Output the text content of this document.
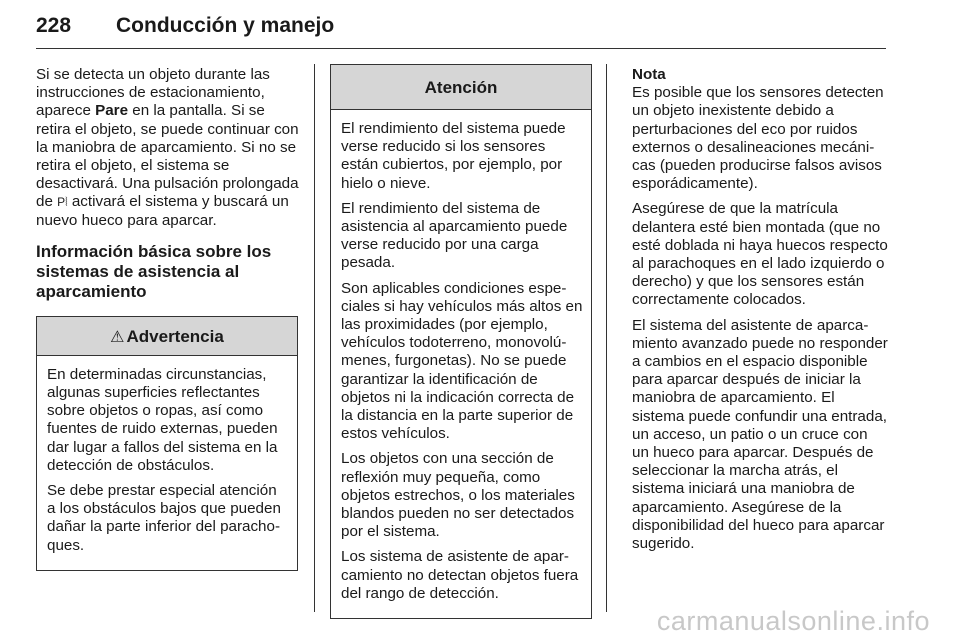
228 Conducción y manejo

Si se detecta un objeto durante las instrucciones de estacionamiento, aparece Pare en la pantalla. Si se retira el objeto, se puede continuar con la maniobra de aparcamiento. Si no se retira el objeto, el sistema se desactivará. Una pulsación prolongada de P⦚ activará el sistema y buscará un nuevo hueco para aparcar.

Información básica sobre los sistemas de asistencia al aparcamiento
⚠ Advertencia

En determinadas circunstancias, algunas superficies reflectantes sobre objetos o ropas, así como fuentes de ruido externas, pueden dar lugar a fallos del sistema en la detección de obstáculos.

Se debe prestar especial atención a los obstáculos bajos que pueden dañar la parte inferior del parachoques.

Atención

El rendimiento del sistema puede verse reducido si los sensores están cubiertos, por ejemplo, por hielo o nieve.

El rendimiento del sistema de asistencia al aparcamiento puede verse reducido por una carga pesada.

Son aplicables condiciones especiales si hay vehículos más altos en las proximidades (por ejemplo, vehículos todoterreno, monovolúmenes, furgonetas). No se puede garantizar la identificación de objetos ni la indicación correcta de la distancia en la parte superior de estos vehículos.

Los objetos con una sección de reflexión muy pequeña, como objetos estrechos, o los materiales blandos pueden no ser detectados por el sistema.

Los sistema de asistente de aparcamiento no detectan objetos fuera del rango de detección.

Nota
Es posible que los sensores detecten un objeto inexistente debido a perturbaciones del eco por ruidos externos o desalineaciones mecánicas (pueden producirse falsos avisos esporádicamente).

Asegúrese de que la matrícula delantera esté bien montada (que no esté doblada ni haya huecos respecto al parachoques en el lado izquierdo o derecho) y que los sensores están correctamente colocados.

El sistema del asistente de aparcamiento avanzado puede no responder a cambios en el espacio disponible para aparcar después de iniciar la maniobra de aparcamiento. El sistema puede confundir una entrada, un acceso, un patio o un cruce con un hueco para aparcar. Después de seleccionar la marcha atrás, el sistema iniciará una maniobra de aparcamiento. Asegúrese de la disponibilidad del hueco para aparcar sugerido.

carmanualsonline.info
